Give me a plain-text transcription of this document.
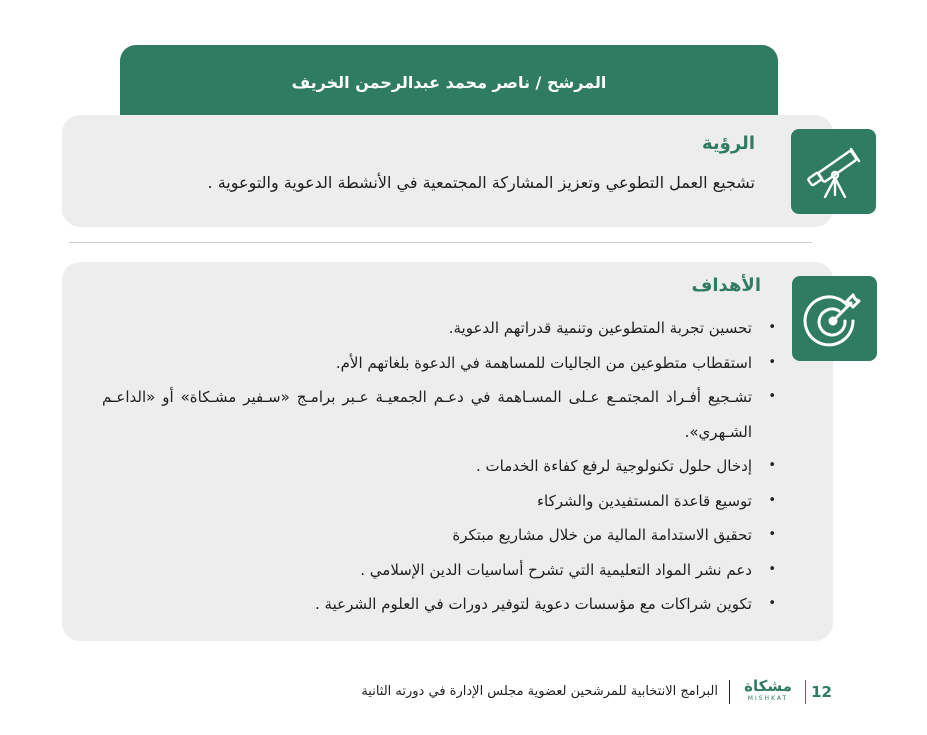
المرشح / ناصر محمد عبدالرحمن الخريف
الرؤية
تشجيع العمل التطوعي وتعزيز المشاركة المجتمعية في الأنشطة الدعوية والتوعوية .
الأهداف
• تحسين تجربة المتطوعين وتنمية قدراتهم الدعوية.
• استقطاب متطوعين من الجاليات للمساهمة في الدعوة بلغاتهم الأم.
• تشـجيع أفـراد المجتمـع عـلى المسـاهمة في دعـم الجمعيـة عـبر برامـج «سـفير مشـكاة» أو «الداعـم الشـهري».
• إدخال حلول تكنولوجية لرفع كفاءة الخدمات .
• توسيع قاعدة المستفيدين والشركاء
• تحقيق الاستدامة المالية من خلال مشاريع مبتكرة
• دعم نشر المواد التعليمية التي تشرح أساسيات الدين الإسلامي .
• تكوين شراكات مع مؤسسات دعوية لتوفير دورات في العلوم الشرعية .
12
مشكاة
MISHKAT
البرامج الانتخابية للمرشحين لعضوية مجلس الإدارة في دورته الثانية
